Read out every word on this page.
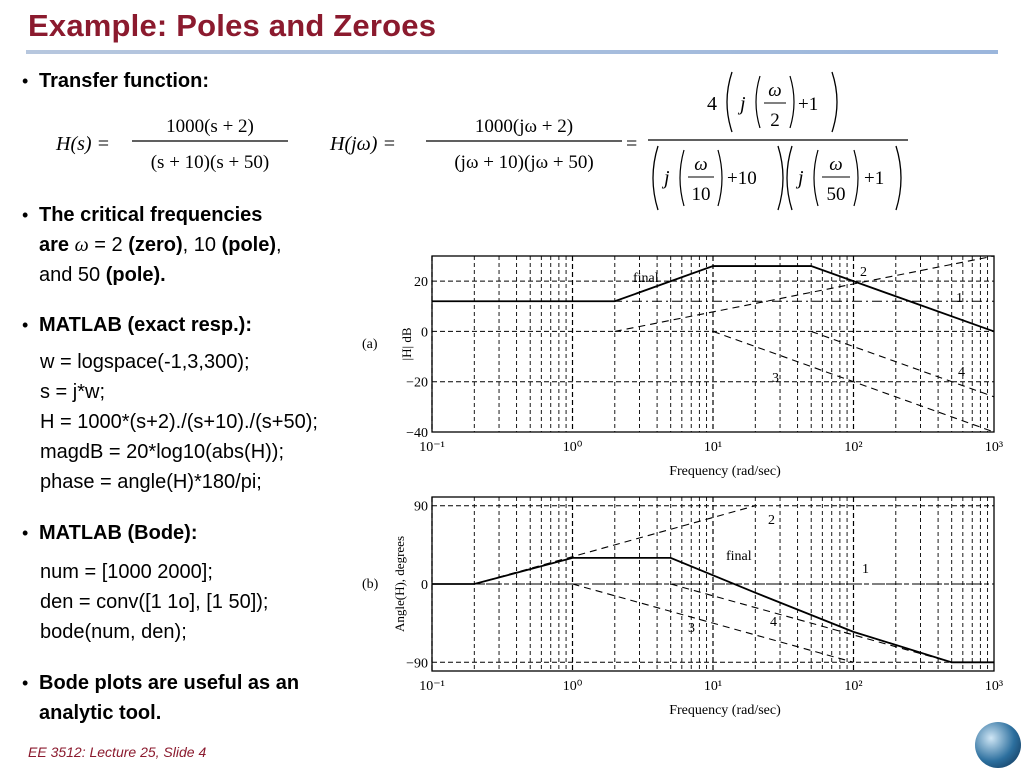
Example: Poles and Zeroes
• Transfer function:
• The critical frequencies
are ω = 2 (zero), 10 (pole),
and 50 (pole).
• MATLAB (exact resp.):
w = logspace(-1,3,300);
s = j*w;
H = 1000*(s+2)./(s+10)./(s+50);
magdB = 20*log10(abs(H));
phase = angle(H)*180/pi;
• MATLAB (Bode):
num = [1000 2000];
den = conv([1 1o], [1 50]);
bode(num, den);
• Bode plots are useful as an
analytic tool.
H(s) =
1000(s + 2)
(s + 10)(s + 50)
H(jω) =
1000(jω + 2)
(jω + 10)(jω + 50)
=
4 j
ω
2
+1
j
ω
10
+10 j
ω
50
+1
final
1
2
3	4
20
0
−20
−40
10⁻¹	10⁰	10¹	10²	10³
Frequency (rad/sec)
|H| dB
(a)
final
1
2
3	4
90
0
−90
10⁻¹	10⁰	10¹	10²	10³
Frequency (rad/sec)
Angle(H), degrees
(b)
EE 3512: Lecture 25, Slide 4
